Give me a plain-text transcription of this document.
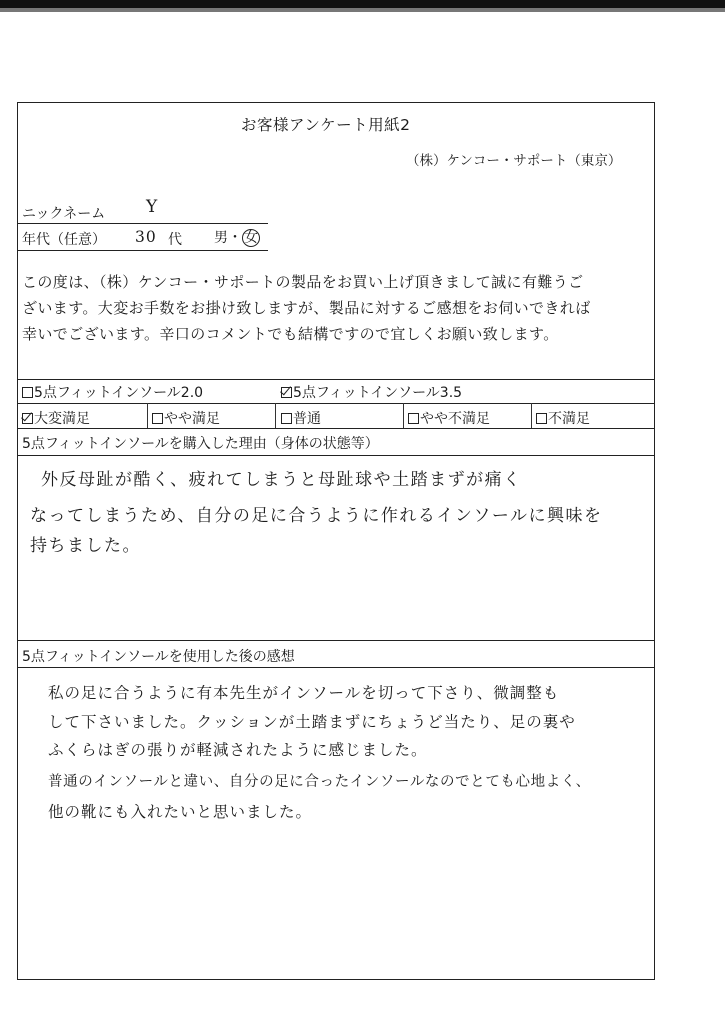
お客様アンケート用紙2
（株）ケンコー・サポート（東京）
ニックネーム Y
年代（任意） 30 代 男・ 女
この度は、（株）ケンコー・サポートの製品をお買い上げ頂きまして誠に有難うご
ざいます。大変お手数をお掛け致しますが、製品に対するご感想をお伺いできれば
幸いでございます。辛口のコメントでも結構ですので宜しくお願い致します。
5点フィットインソール2.0	5点フィットインソール3.5
大変満足	やや満足	普通	やや不満足	不満足
5点フィットインソールを購入した理由（身体の状態等）
外反母趾が酷く、疲れてしまうと母趾球や土踏まずが痛く
なってしまうため、自分の足に合うように作れるインソールに興味を
持ちました。
5点フィットインソールを使用した後の感想
私の足に合うように有本先生がインソールを切って下さり、微調整も
して下さいました。クッションが土踏まずにちょうど当たり、足の裏や
ふくらはぎの張りが軽減されたように感じました。
普通のインソールと違い、自分の足に合ったインソールなのでとても心地よく、
他の靴にも入れたいと思いました。
